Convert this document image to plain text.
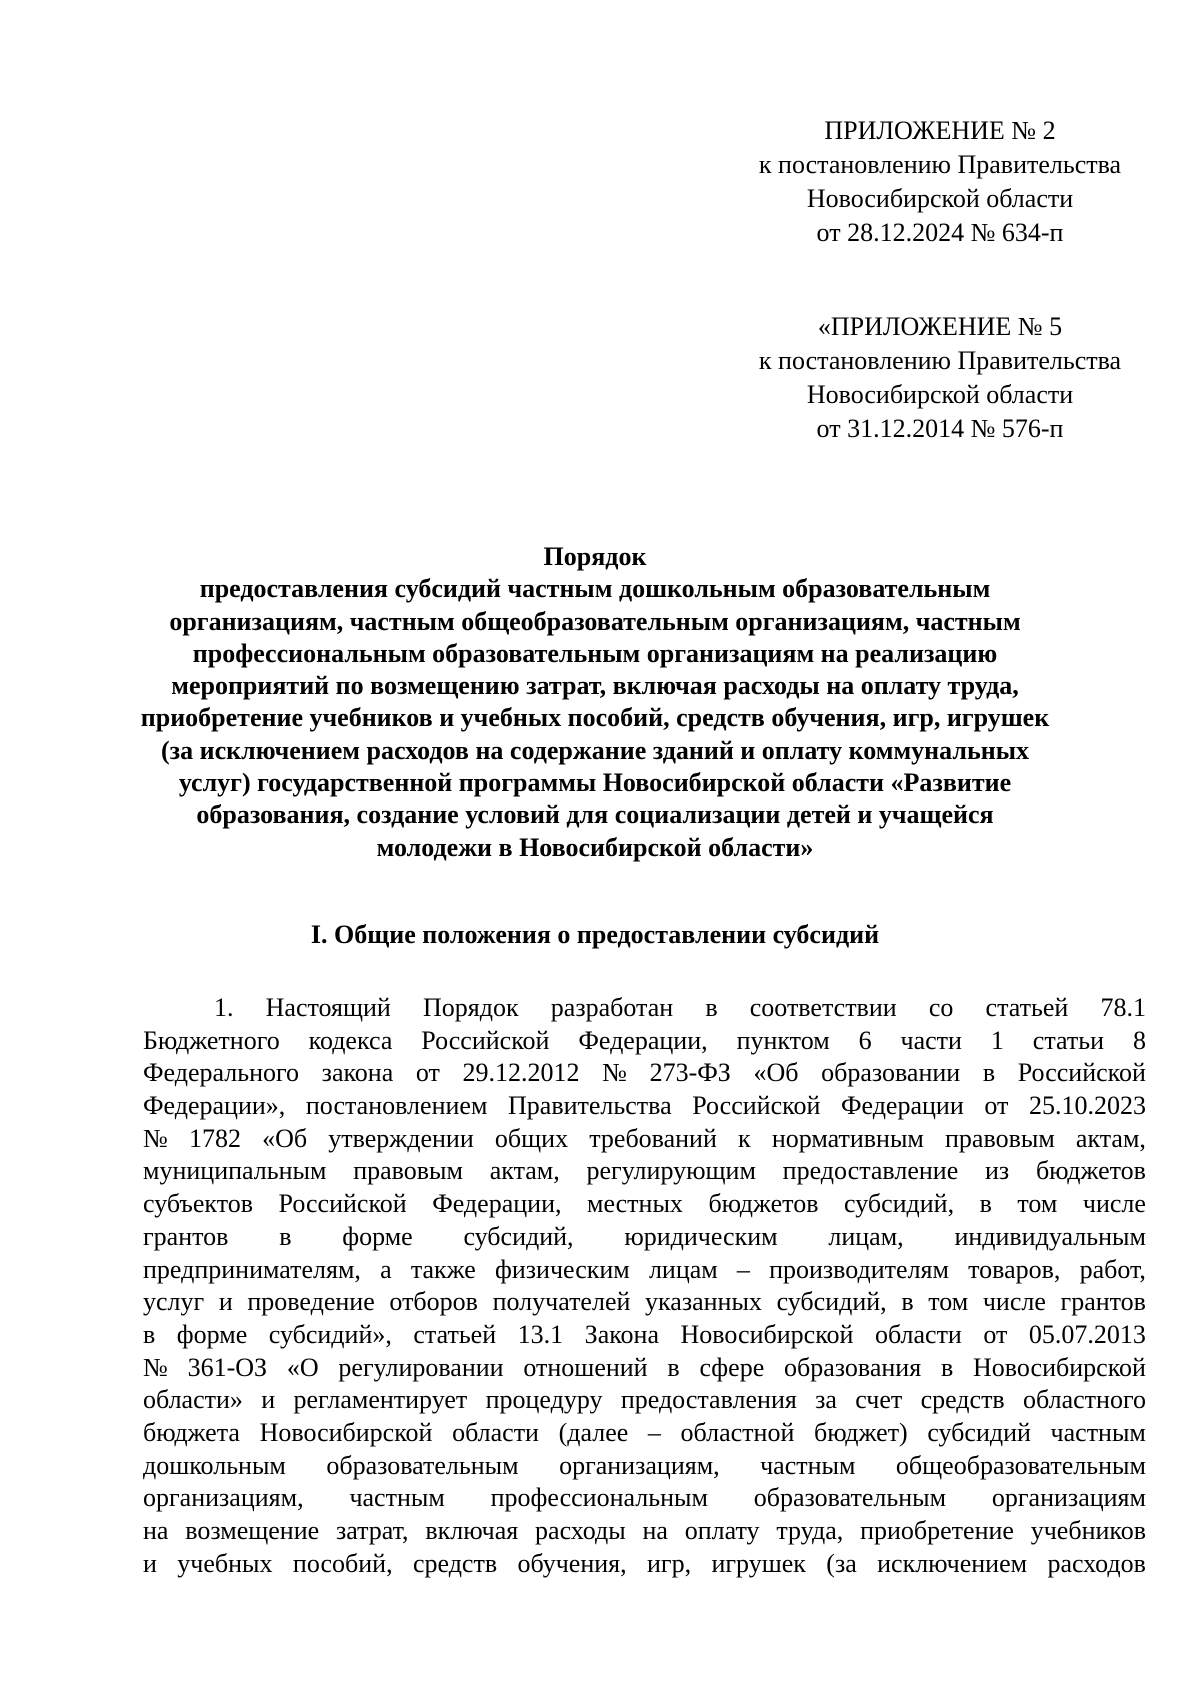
ПРИЛОЖЕНИЕ № 2
к постановлению Правительства
Новосибирской области
от 28.12.2024 № 634-п
«ПРИЛОЖЕНИЕ № 5
к постановлению Правительства
Новосибирской области
от 31.12.2014 № 576-п
Порядок
предоставления субсидий частным дошкольным образовательным
организациям, частным общеобразовательным организациям, частным
профессиональным образовательным организациям на реализацию
мероприятий по возмещению затрат, включая расходы на оплату труда,
приобретение учебников и учебных пособий, средств обучения, игр, игрушек
(за исключением расходов на содержание зданий и оплату коммунальных
услуг) государственной программы Новосибирской области «Развитие
образования, создание условий для социализации детей и учащейся
молодежи в Новосибирской области»
I. Общие положения о предоставлении субсидий
1. Настоящий Порядок разработан в соответствии со статьей 78.1
Бюджетного кодекса Российской Федерации, пунктом 6 части 1 статьи 8
Федерального закона от 29.12.2012 № 273-ФЗ «Об образовании в Российской
Федерации», постановлением Правительства Российской Федерации от 25.10.2023
№ 1782 «Об утверждении общих требований к нормативным правовым актам,
муниципальным правовым актам, регулирующим предоставление из бюджетов
субъектов Российской Федерации, местных бюджетов субсидий, в том числе
грантов в форме субсидий, юридическим лицам, индивидуальным
предпринимателям, а также физическим лицам – производителям товаров, работ,
услуг и проведение отборов получателей указанных субсидий, в том числе грантов
в форме субсидий», статьей 13.1 Закона Новосибирской области от 05.07.2013
№ 361-ОЗ «О регулировании отношений в сфере образования в Новосибирской
области» и регламентирует процедуру предоставления за счет средств областного
бюджета Новосибирской области (далее – областной бюджет) субсидий частным
дошкольным образовательным организациям, частным общеобразовательным
организациям, частным профессиональным образовательным организациям
на возмещение затрат, включая расходы на оплату труда, приобретение учебников
и учебных пособий, средств обучения, игр, игрушек (за исключением расходов
